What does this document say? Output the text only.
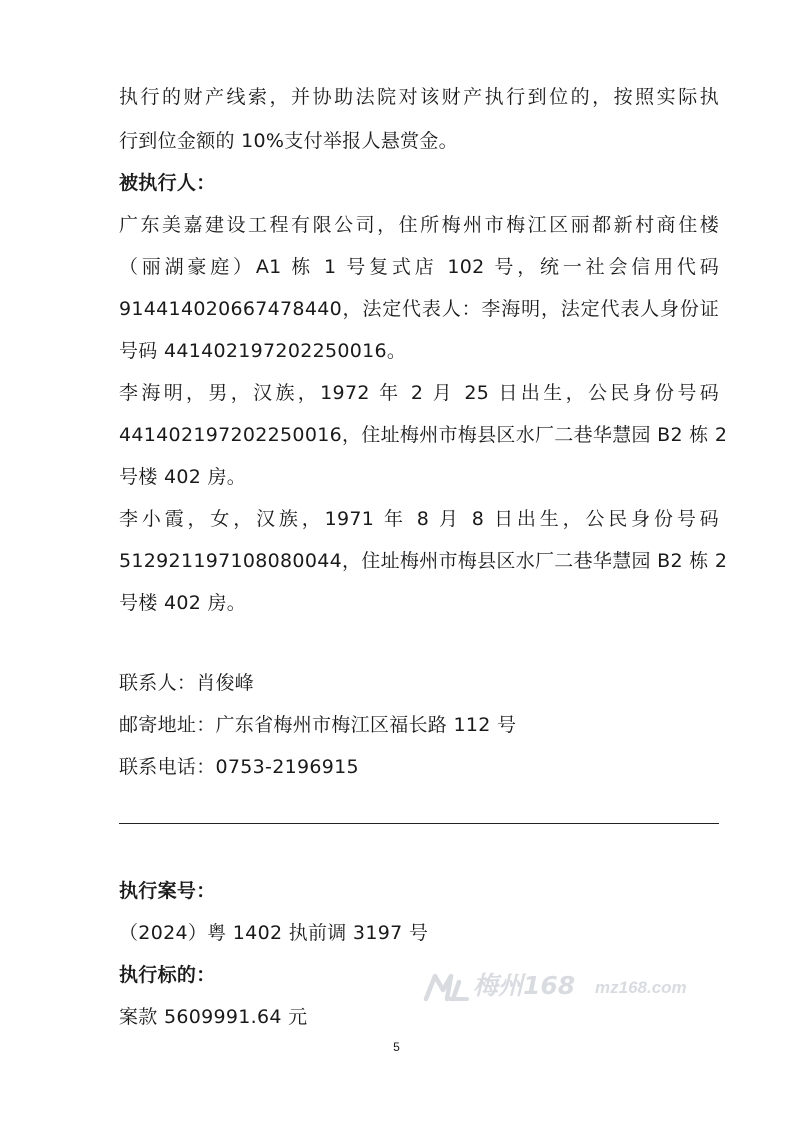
执行的财产线索，并协助法院对该财产执行到位的，按照实际执
行到位金额的 10%支付举报人悬赏金。
被执行人：
广东美嘉建设工程有限公司，住所梅州市梅江区丽都新村商住楼
（丽湖豪庭）A1 栋 1 号复式店 102 号，统一社会信用代码
914414020667478440，法定代表人：李海明，法定代表人身份证
号码 441402197202250016。
李海明，男，汉族，1972 年 2 月 25 日出生，公民身份号码
441402197202250016，住址梅州市梅县区水厂二巷华慧园 B2 栋 2
号楼 402 房。
李小霞，女，汉族，1971 年 8 月 8 日出生，公民身份号码
512921197108080044，住址梅州市梅县区水厂二巷华慧园 B2 栋 2
号楼 402 房。
联系人：肖俊峰
邮寄地址：广东省梅州市梅江区福长路 112 号
联系电话：0753-2196915
执行案号：
（2024）粤 1402 执前调 3197 号
执行标的：
案款 5609991.64 元
5
梅州168 mz168.com
